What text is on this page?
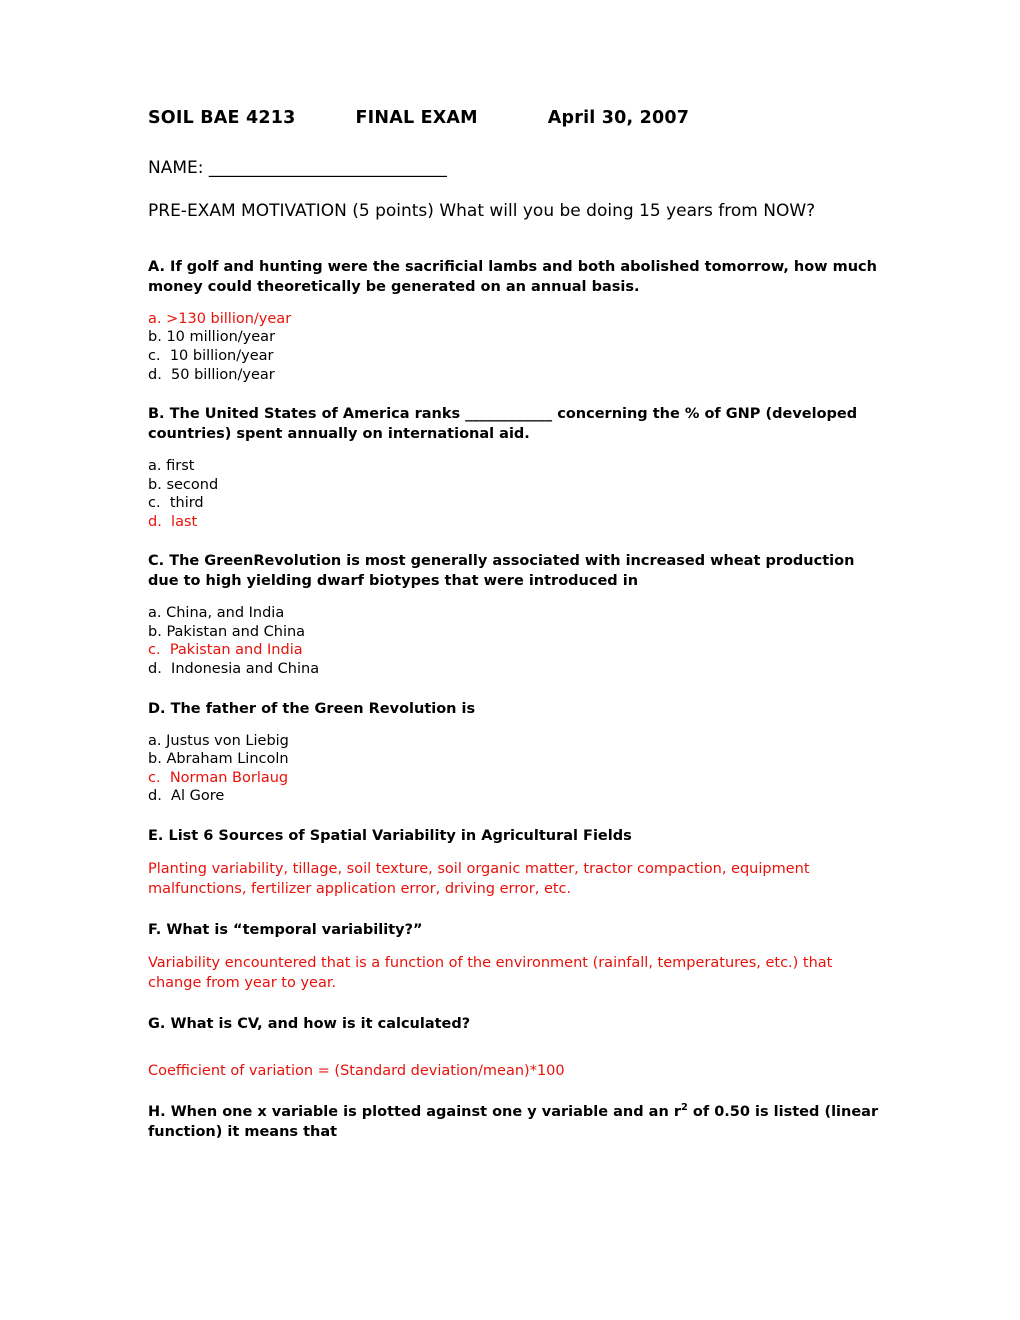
SOIL BAE 4213	FINAL EXAM	April 30, 2007
NAME: ____________________________
PRE-EXAM MOTIVATION (5 points) What will you be doing 15 years from NOW?
A. If golf and hunting were the sacrificial lambs and both abolished tomorrow, how much money could theoretically be generated on an annual basis.
a. >130 billion/year
b. 10 million/year
c. 10 billion/year
d. 50 billion/year
B. The United States of America ranks ____________ concerning the % of GNP (developed countries) spent annually on international aid.
a. first
b. second
c. third
d. last
C. The GreenRevolution is most generally associated with increased wheat production due to high yielding dwarf biotypes that were introduced in
a. China, and India
b. Pakistan and China
c. Pakistan and India
d. Indonesia and China
D. The father of the Green Revolution is
a. Justus von Liebig
b. Abraham Lincoln
c. Norman Borlaug
d. Al Gore
E. List 6 Sources of Spatial Variability in Agricultural Fields
Planting variability, tillage, soil texture, soil organic matter, tractor compaction, equipment malfunctions, fertilizer application error, driving error, etc.
F. What is “temporal variability?”
Variability encountered that is a function of the environment (rainfall, temperatures, etc.) that change from year to year.
G. What is CV, and how is it calculated?
Coefficient of variation = (Standard deviation/mean)*100
H. When one x variable is plotted against one y variable and an $r^2$ of 0.50 is listed (linear function) it means that
